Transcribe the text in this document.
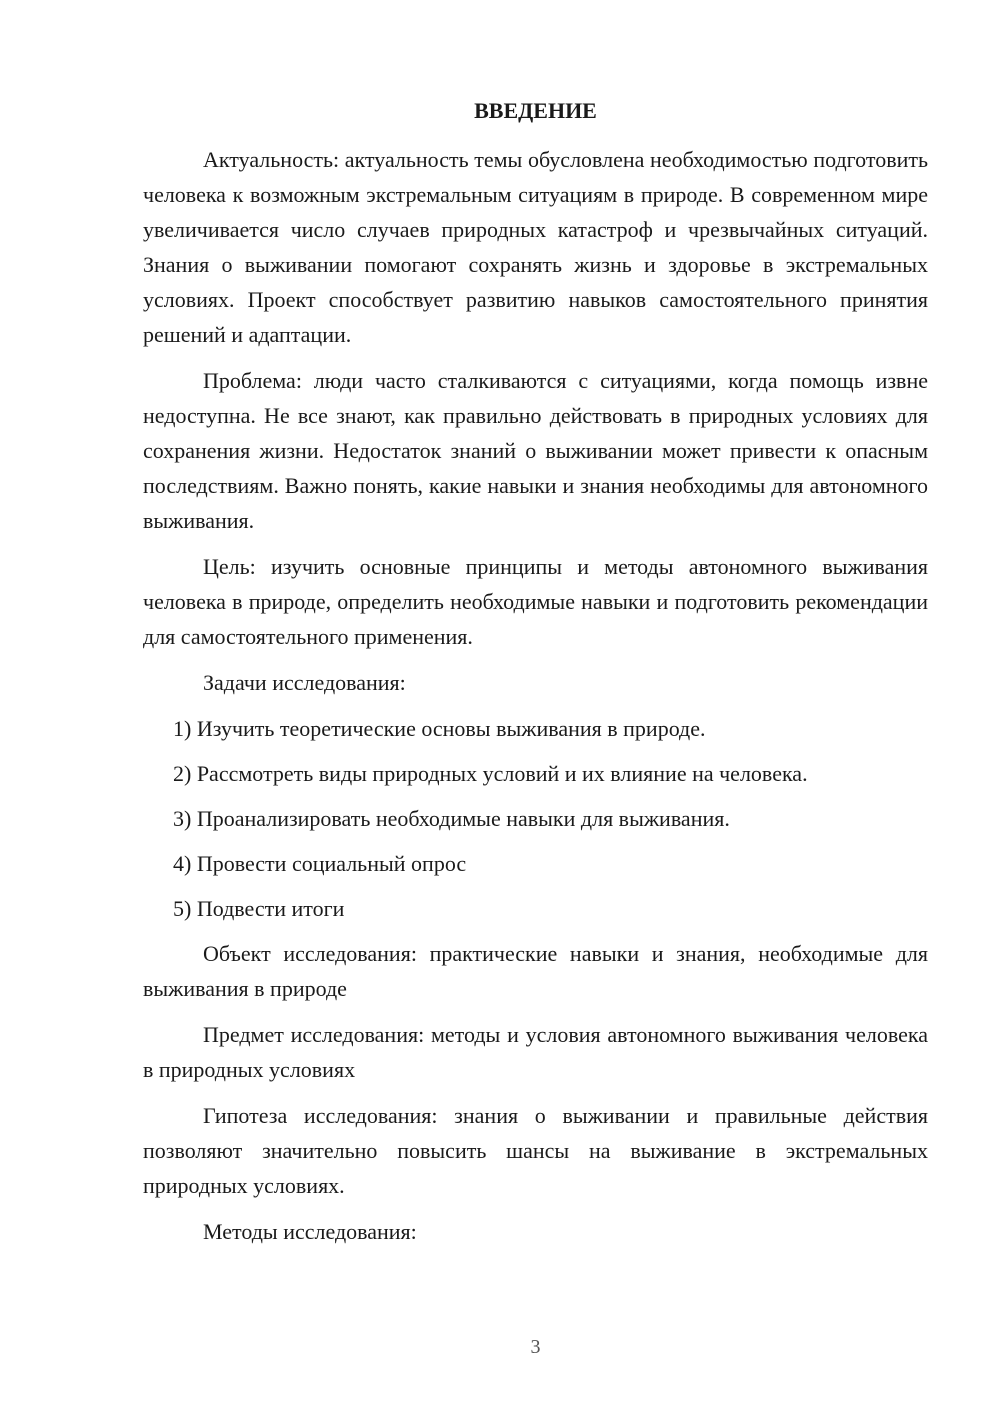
ВВЕДЕНИЕ

Актуальность: актуальность темы обусловлена необходимостью подготовить человека к возможным экстремальным ситуациям в природе. В современном мире увеличивается число случаев природных катастроф и чрезвычайных ситуаций. Знания о выживании помогают сохранять жизнь и здоровье в экстремальных условиях. Проект способствует развитию навыков самостоятельного принятия решений и адаптации.

Проблема: люди часто сталкиваются с ситуациями, когда помощь извне недоступна. Не все знают, как правильно действовать в природных условиях для сохранения жизни. Недостаток знаний о выживании может привести к опасным последствиям. Важно понять, какие навыки и знания необходимы для автономного выживания.

Цель: изучить основные принципы и методы автономного выживания человека в природе, определить необходимые навыки и подготовить рекомендации для самостоятельного применения.

Задачи исследования:

1) Изучить теоретические основы выживания в природе.
2) Рассмотреть виды природных условий и их влияние на человека.
3) Проанализировать необходимые навыки для выживания.
4) Провести социальный опрос
5) Подвести итоги

Объект исследования: практические навыки и знания, необходимые для выживания в природе

Предмет исследования: методы и условия автономного выживания человека в природных условиях

Гипотеза исследования: знания о выживании и правильные действия позволяют значительно повысить шансы на выживание в экстремальных природных условиях.

Методы исследования:

3
